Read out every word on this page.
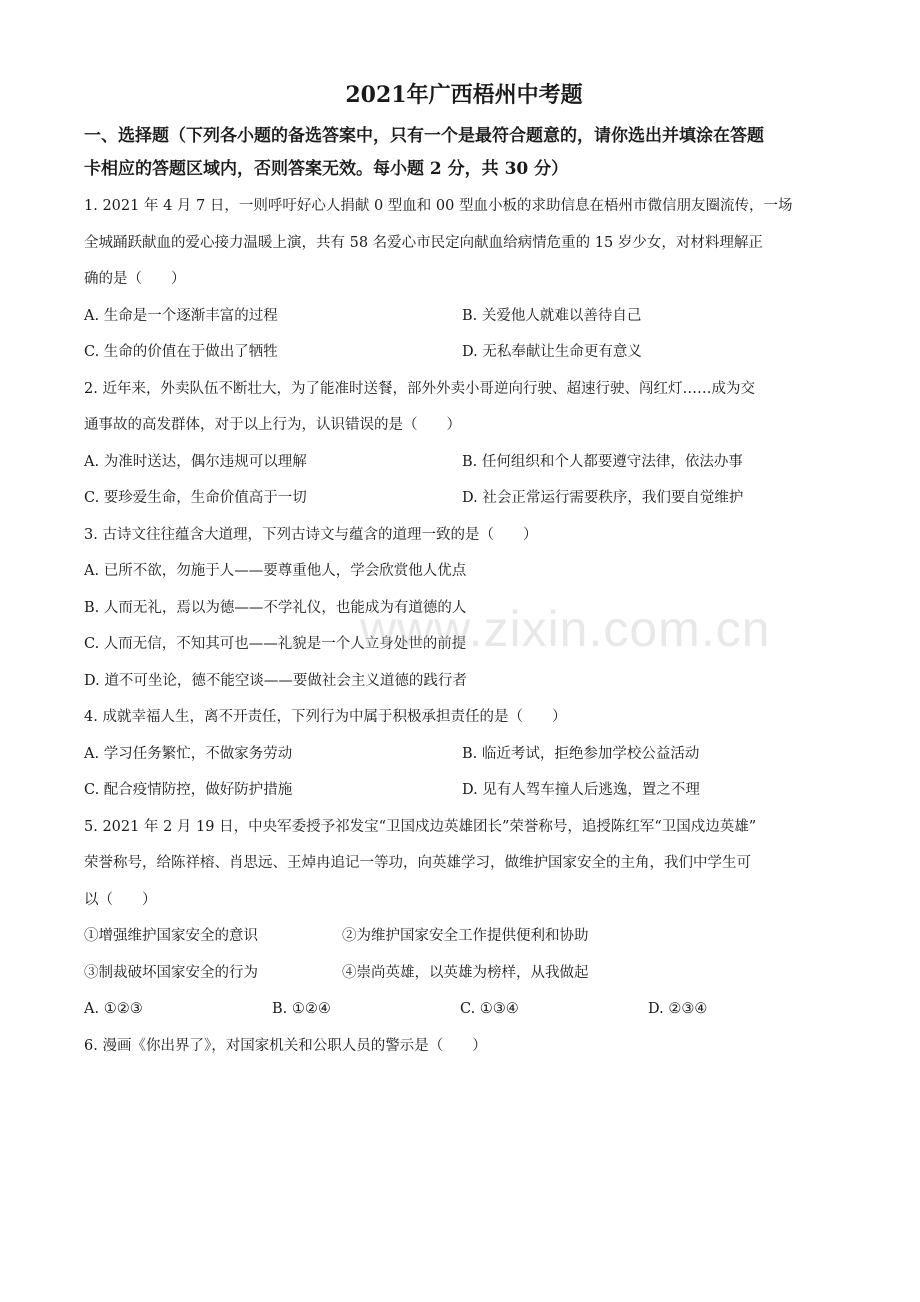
2021年广西梧州中考题
一、选择题（下列各小题的备选答案中，只有一个是最符合题意的，请你选出并填涂在答题
卡相应的答题区域内，否则答案无效。每小题 2 分，共 30 分）
1. 2021 年 4 月 7 日，一则呼吁好心人捐献 0 型血和 00 型血小板的求助信息在梧州市微信朋友圈流传，一场
全城踊跃献血的爱心接力温暖上演，共有 58 名爱心市民定向献血给病情危重的 15 岁少女，对材料理解正
确的是（　　）
A. 生命是一个逐渐丰富的过程	B. 关爱他人就难以善待自己
C. 生命的价值在于做出了牺牲	D. 无私奉献让生命更有意义
2. 近年来，外卖队伍不断壮大，为了能准时送餐，部外外卖小哥逆向行驶、超速行驶、闯红灯……成为交
通事故的高发群体，对于以上行为，认识错误的是（　　）
A. 为准时送达，偶尔违规可以理解	B. 任何组织和个人都要遵守法律，依法办事
C. 要珍爱生命，生命价值高于一切	D. 社会正常运行需要秩序，我们要自觉维护
3. 古诗文往往蕴含大道理，下列古诗文与蕴含的道理一致的是（　　）
A. 已所不欲，勿施于人——要尊重他人，学会欣赏他人优点
B. 人而无礼，焉以为德——不学礼仪，也能成为有道德的人
C. 人而无信，不知其可也——礼貌是一个人立身处世的前提
D. 道不可坐论，德不能空谈——要做社会主义道德的践行者
4. 成就幸福人生，离不开责任，下列行为中属于积极承担责任的是（　　）
A. 学习任务繁忙，不做家务劳动	B. 临近考试，拒绝参加学校公益活动
C. 配合疫情防控，做好防护措施	D. 见有人驾车撞人后逃逸，置之不理
5. 2021 年 2 月 19 日，中央军委授予祁发宝“卫国戍边英雄团长”荣誉称号，追授陈红军“卫国戍边英雄”
荣誉称号，给陈祥榕、肖思远、王焯冉追记一等功，向英雄学习，做维护国家安全的主角，我们中学生可
以（　　）
①增强维护国家安全的意识	②为维护国家安全工作提供便利和协助
③制裁破坏国家安全的行为	④崇尚英雄，以英雄为榜样，从我做起
A. ①②③	B. ①②④	C. ①③④	D. ②③④
6. 漫画《你出界了》，对国家机关和公职人员的警示是（　　）
www.zixin.com.cn
